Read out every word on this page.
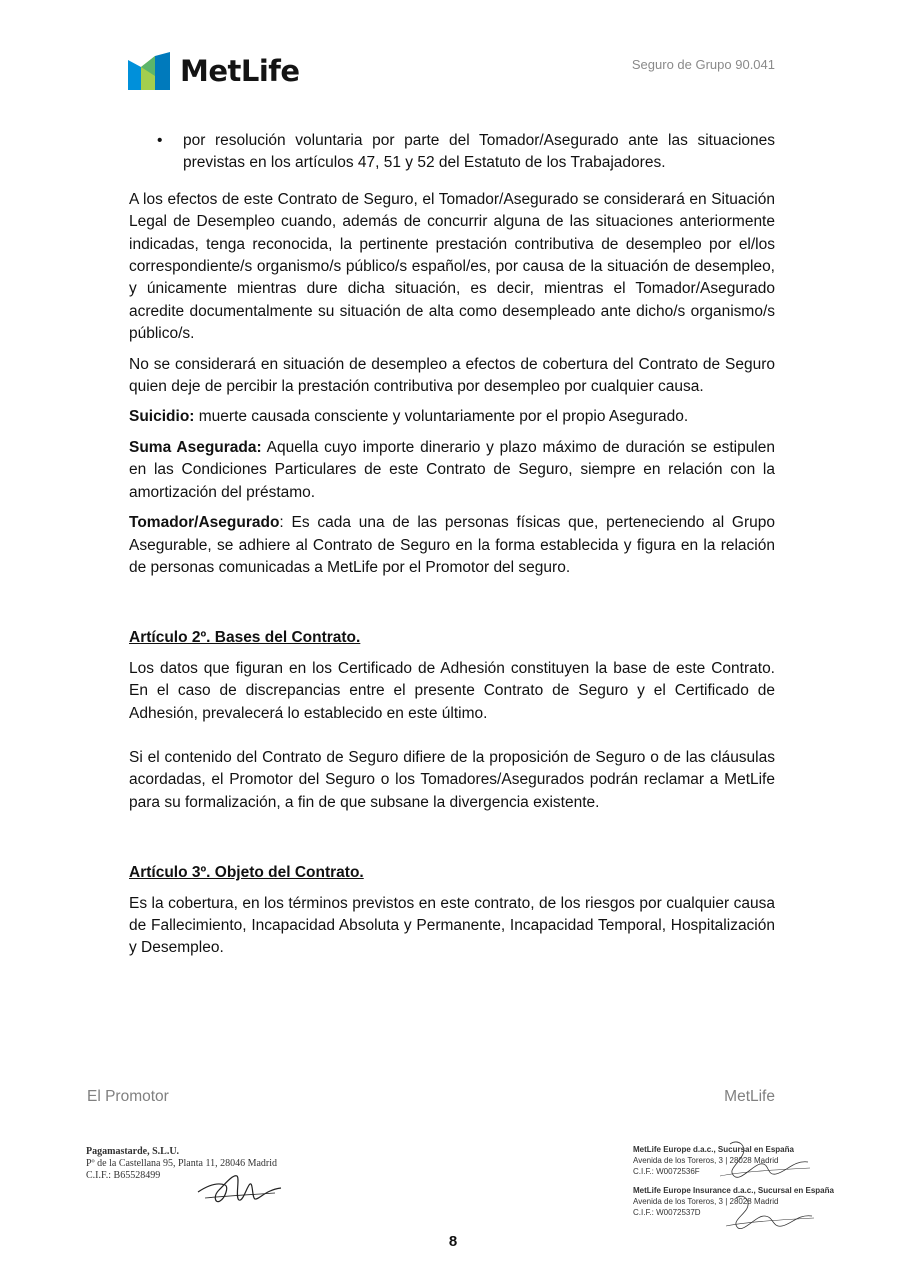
MetLife	Seguro de Grupo 90.041

• por resolución voluntaria por parte del Tomador/Asegurado ante las situaciones previstas en los artículos 47, 51 y 52 del Estatuto de los Trabajadores.

A los efectos de este Contrato de Seguro, el Tomador/Asegurado se considerará en Situación Legal de Desempleo cuando, además de concurrir alguna de las situaciones anteriormente indicadas, tenga reconocida, la pertinente prestación contributiva de desempleo por el/los correspondiente/s organismo/s público/s español/es, por causa de la situación de desempleo, y únicamente mientras dure dicha situación, es decir, mientras el Tomador/Asegurado acredite documentalmente su situación de alta como desempleado ante dicho/s organismo/s público/s.

No se considerará en situación de desempleo a efectos de cobertura del Contrato de Seguro quien deje de percibir la prestación contributiva por desempleo por cualquier causa.

Suicidio: muerte causada consciente y voluntariamente por el propio Asegurado.

Suma Asegurada: Aquella cuyo importe dinerario y plazo máximo de duración se estipulen en las Condiciones Particulares de este Contrato de Seguro, siempre en relación con la amortización del préstamo.

Tomador/Asegurado: Es cada una de las personas físicas que, perteneciendo al Grupo Asegurable, se adhiere al Contrato de Seguro en la forma establecida y figura en la relación de personas comunicadas a MetLife por el Promotor del seguro.

Artículo 2º. Bases del Contrato.

Los datos que figuran en los Certificado de Adhesión constituyen la base de este Contrato. En el caso de discrepancias entre el presente Contrato de Seguro y el Certificado de Adhesión, prevalecerá lo establecido en este último.

Si el contenido del Contrato de Seguro difiere de la proposición de Seguro o de las cláusulas acordadas, el Promotor del Seguro o los Tomadores/Asegurados podrán reclamar a MetLife para su formalización, a fin de que subsane la divergencia existente.

Artículo 3º. Objeto del Contrato.

Es la cobertura, en los términos previstos en este contrato, de los riesgos por cualquier causa de Fallecimiento, Incapacidad Absoluta y Permanente, Incapacidad Temporal, Hospitalización y Desempleo.

El Promotor	MetLife
Pagamastarde, S.L.U.
Pº de la Castellana 95, Planta 11, 28046 Madrid
C.I.F.: B65528499
MetLife Europe d.a.c., Sucursal en España
Avenida de los Toreros, 3 | 28028 Madrid
C.I.F.: W0072536F
MetLife Europe Insurance d.a.c., Sucursal en España
Avenida de los Toreros, 3 | 28028 Madrid
C.I.F.: W0072537D
8
